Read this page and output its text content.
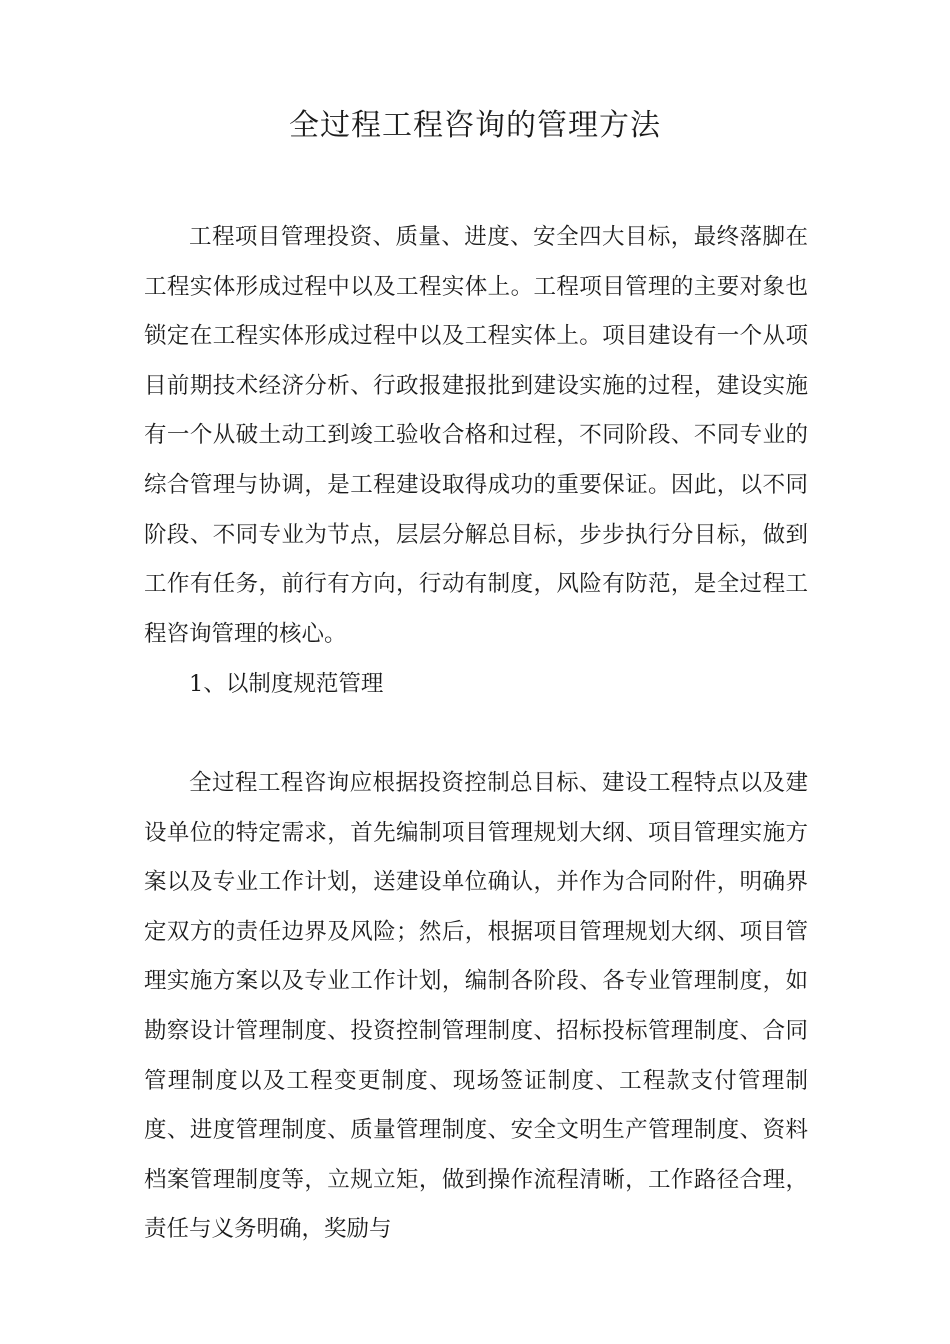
全过程工程咨询的管理方法

工程项目管理投资、质量、进度、安全四大目标，最终落脚在工程实体形成过程中以及工程实体上。工程项目管理的主要对象也锁定在工程实体形成过程中以及工程实体上。项目建设有一个从项目前期技术经济分析、行政报建报批到建设实施的过程，建设实施有一个从破土动工到竣工验收合格和过程，不同阶段、不同专业的综合管理与协调，是工程建设取得成功的重要保证。因此，以不同阶段、不同专业为节点，层层分解总目标，步步执行分目标，做到工作有任务，前行有方向，行动有制度，风险有防范，是全过程工程咨询管理的核心。

1、以制度规范管理

全过程工程咨询应根据投资控制总目标、建设工程特点以及建设单位的特定需求，首先编制项目管理规划大纲、项目管理实施方案以及专业工作计划，送建设单位确认，并作为合同附件，明确界定双方的责任边界及风险；然后，根据项目管理规划大纲、项目管理实施方案以及专业工作计划，编制各阶段、各专业管理制度，如勘察设计管理制度、投资控制管理制度、招标投标管理制度、合同管理制度以及工程变更制度、现场签证制度、工程款支付管理制度、进度管理制度、质量管理制度、安全文明生产管理制度、资料档案管理制度等，立规立矩，做到操作流程清晰，工作路径合理，责任与义务明确，奖励与
